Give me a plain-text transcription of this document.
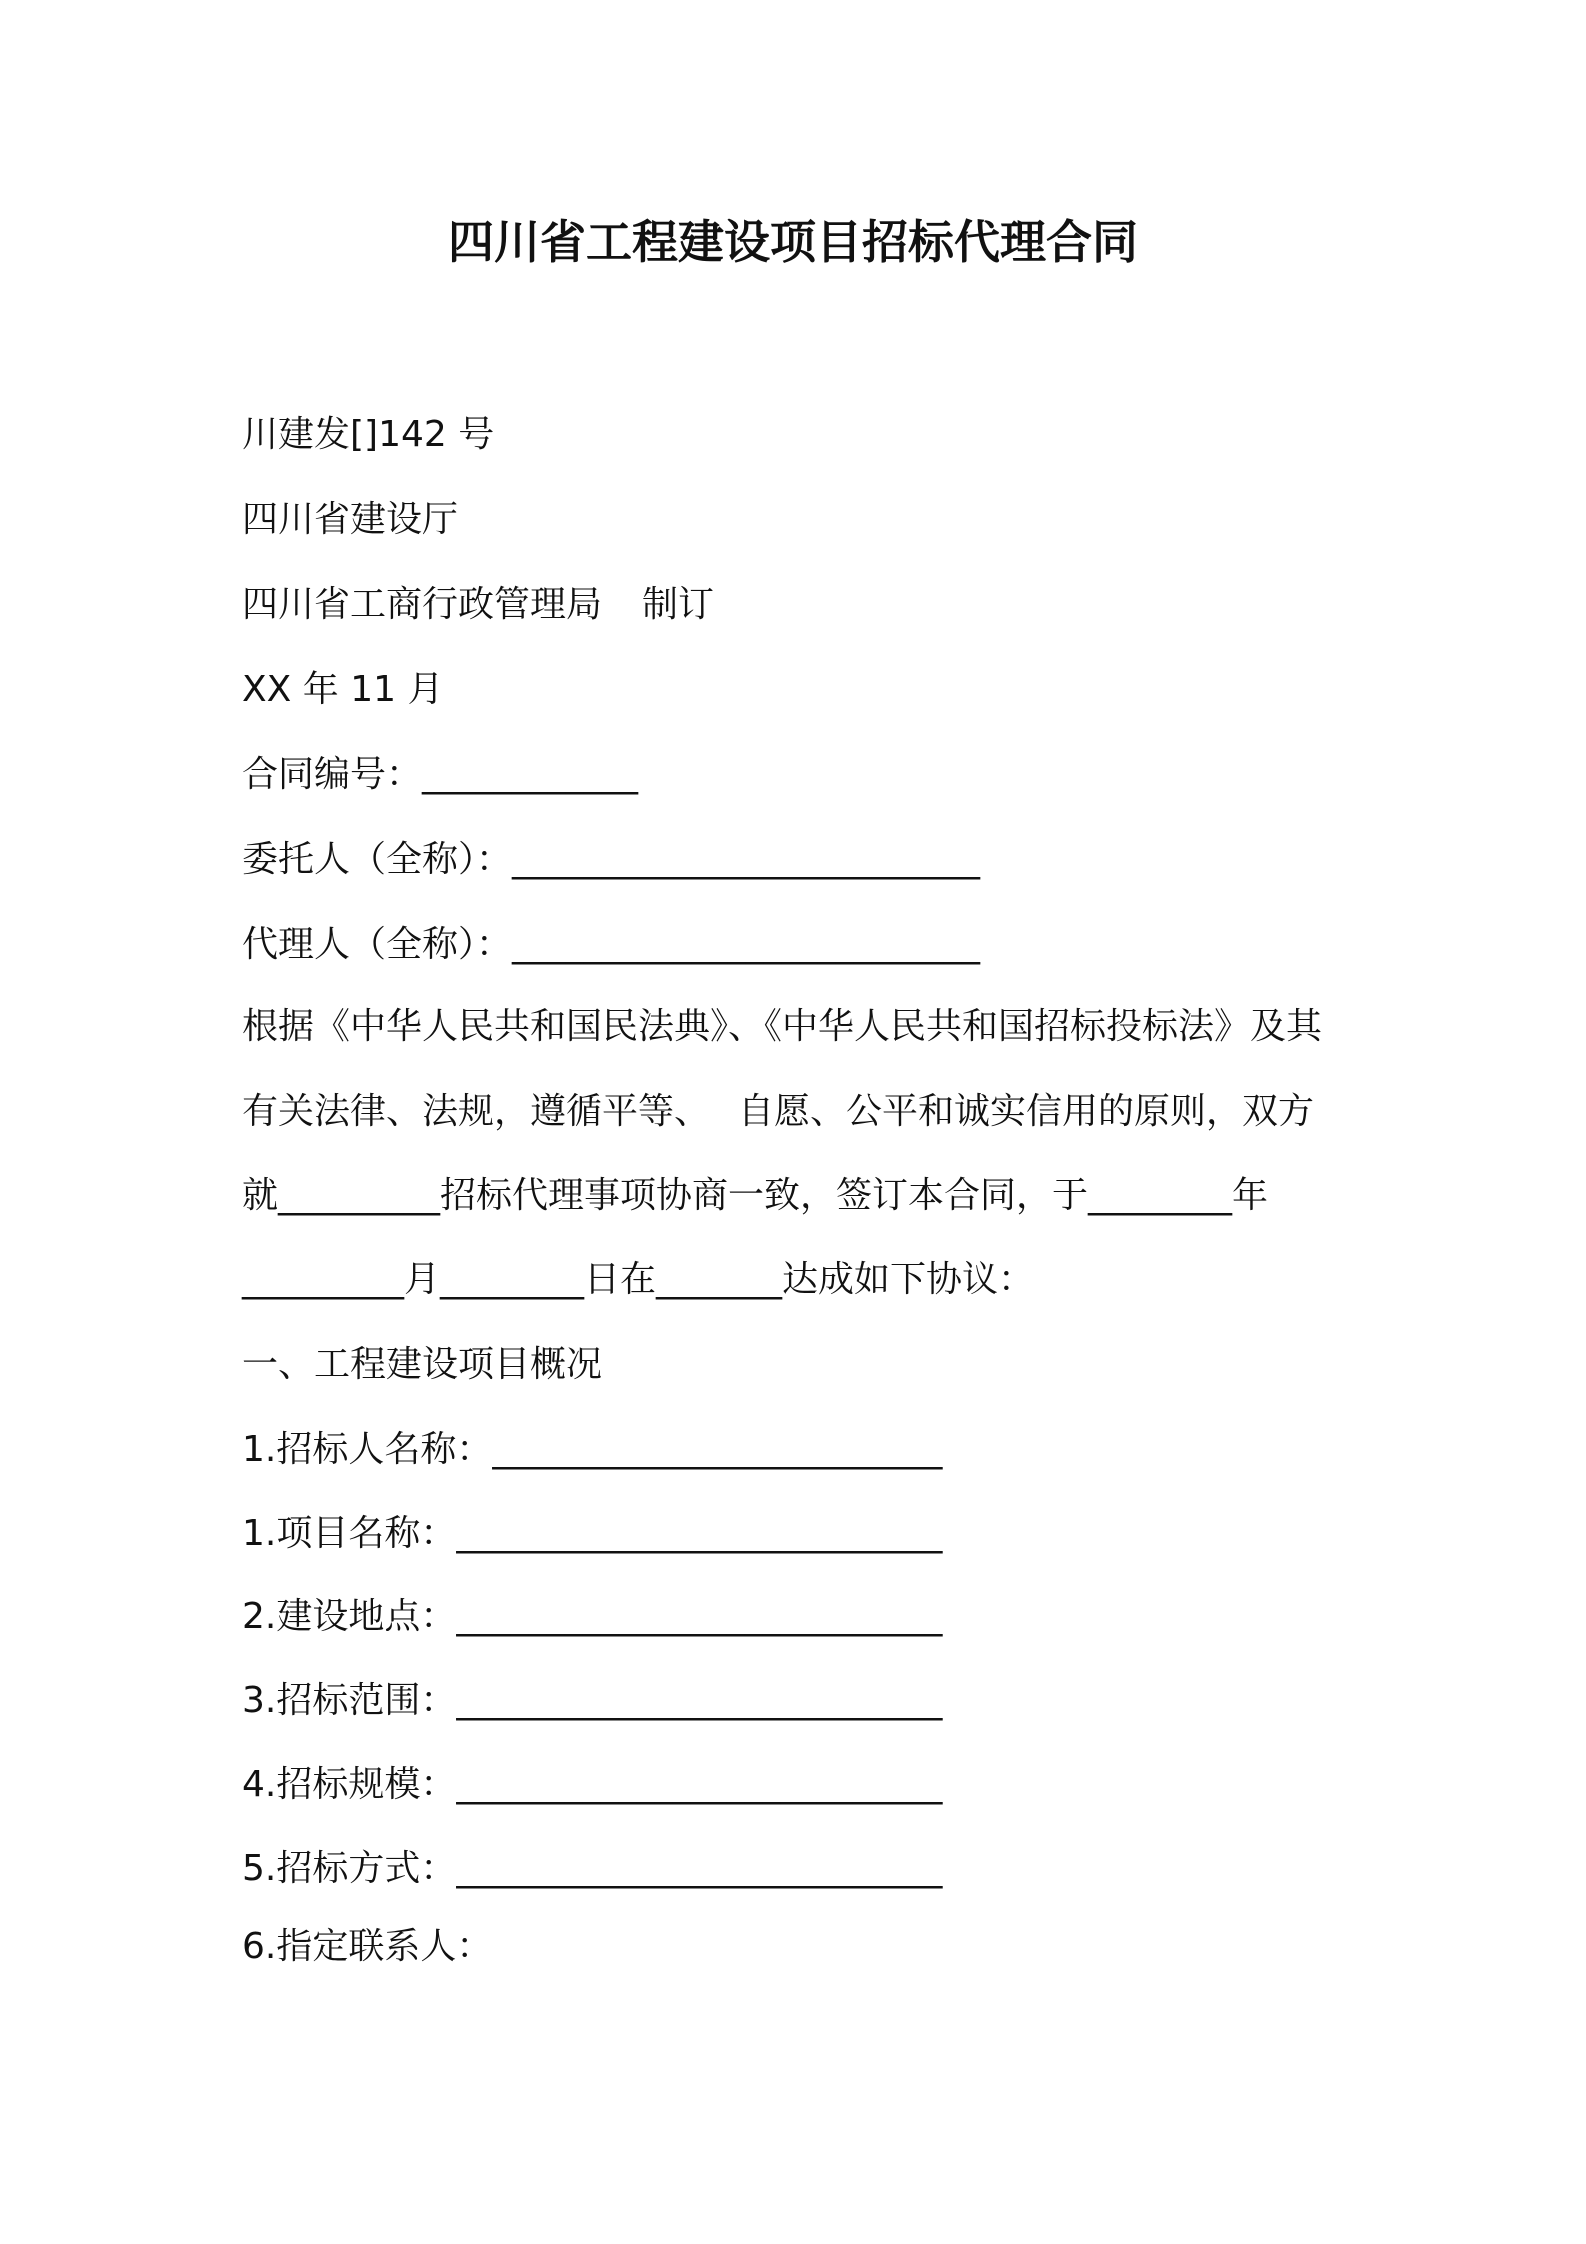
四川省工程建设项目招标代理合同
川建发[]142 号
四川省建设厅
四川省工商行政管理局 制订
XX 年 11 月
合同编号：____________
委托人（全称）：__________________________
代理人（全称）：__________________________
根据《中华人民共和国民法典》、《中华人民共和国招标投标法》及其
有关法律、法规，遵循平等、 自愿、公平和诚实信用的原则，双方
就_________招标代理事项协商一致，签订本合同，于________年
_________月________日在_______达成如下协议：
一、工程建设项目概况
1.招标人名称：_________________________
1.项目名称：___________________________
2.建设地点：___________________________
3.招标范围：___________________________
4.招标规模：___________________________
5.招标方式：___________________________
6.指定联系人：
